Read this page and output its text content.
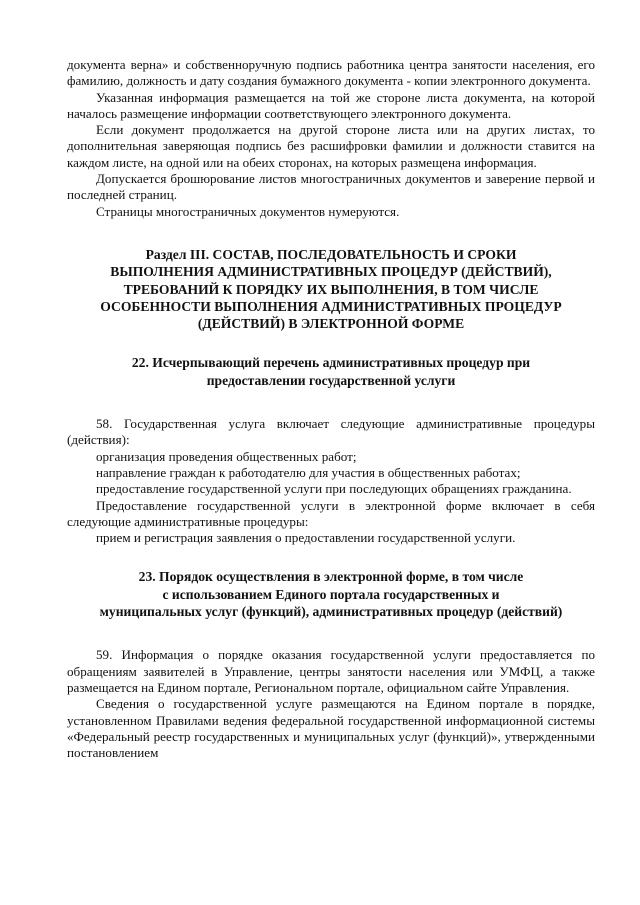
документа верна» и собственноручную подпись работника центра занятости населения, его фамилию, должность и дату создания бумажного документа - копии электронного документа.

Указанная информация размещается на той же стороне листа документа, на которой началось размещение информации соответствующего электронного документа.

Если документ продолжается на другой стороне листа или на других листах, то дополнительная заверяющая подпись без расшифровки фамилии и должности ставится на каждом листе, на одной или на обеих сторонах, на которых размещена информация.

Допускается брошюрование листов многостраничных документов и заверение первой и последней страниц.

Страницы многостраничных документов нумеруются.

Раздел III. СОСТАВ, ПОСЛЕДОВАТЕЛЬНОСТЬ И СРОКИ
ВЫПОЛНЕНИЯ АДМИНИСТРАТИВНЫХ ПРОЦЕДУР (ДЕЙСТВИЙ),
ТРЕБОВАНИЙ К ПОРЯДКУ ИХ ВЫПОЛНЕНИЯ, В ТОМ ЧИСЛЕ
ОСОБЕННОСТИ ВЫПОЛНЕНИЯ АДМИНИСТРАТИВНЫХ ПРОЦЕДУР
(ДЕЙСТВИЙ) В ЭЛЕКТРОННОЙ ФОРМЕ
22. Исчерпывающий перечень административных процедур при
предоставлении государственной услуги

58. Государственная услуга включает следующие административные процедуры (действия):

организация проведения общественных работ;

направление граждан к работодателю для участия в общественных работах;

предоставление государственной услуги при последующих обращениях гражданина.

Предоставление государственной услуги в электронной форме включает в себя следующие административные процедуры:

прием и регистрация заявления о предоставлении государственной услуги.

23. Порядок осуществления в электронной форме, в том числе
с использованием Единого портала государственных и
муниципальных услуг (функций), административных процедур (действий)

59. Информация о порядке оказания государственной услуги предоставляется по обращениям заявителей в Управление, центры занятости населения или УМФЦ, а также размещается на Едином портале, Региональном портале, официальном сайте Управления.

Сведения о государственной услуге размещаются на Едином портале в порядке, установленном Правилами ведения федеральной государственной информационной системы «Федеральный реестр государственных и муниципальных услуг (функций)», утвержденными постановлением
